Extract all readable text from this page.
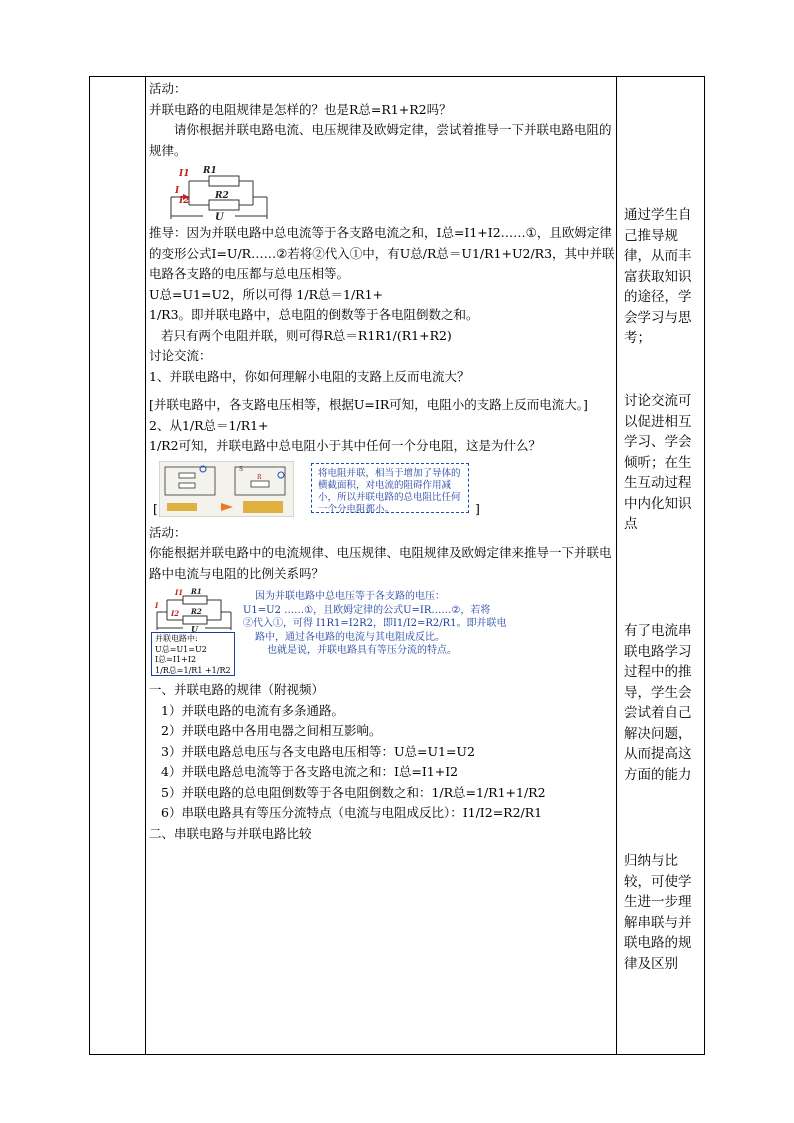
活动：

并联电路的电阻规律是怎样的？也是R总=R1+R2吗？

请你根据并联电路电流、电压规律及欧姆定律，尝试着推导一下并联电路电阻的规律。

R1
I1
I
I2	R2
U

推导：因为并联电路中总电流等于各支路电流之和，I总=I1+I2……①，且欧姆定律的变形公式I=U/R……②若将②代入①中，有U总/R总＝U1/R1+U2/R3，其中并联电路各支路的电压都与总电压相等。

U总=U1=U2，所以可得 1/R总＝1/R1+

1/R3。即并联电路中，总电阻的倒数等于各电阻倒数之和。

若只有两个电阻并联，则可得R总＝R1R1/(R1+R2)

讨论交流：

1、并联电路中，你如何理解小电阻的支路上反而电流大？

[并联电路中，各支路电压相等，根据U=IR可知，电阻小的支路上反而电流大。]

2、从1/R总＝1/R1+

1/R2可知，并联电路中总电阻小于其中任何一个分电阻，这是为什么？

S
R
[
将电阻并联，相当于增加了导体的横截面积，对电流的阻碍作用减小，所以并联电路的总电阻比任何一个分电阻都小。	]

活动：

你能根据并联电路中的电流规律、电压规律、电阻规律及欧姆定律来推导一下并联电路中电流与电阻的比例关系吗？

I1 R1
I
I2 R2
U
并联电路中:
U总=U1=U2
I总=I1+I2
1/R总=1/R1 +1/R2
因为并联电路中总电压等于各支路的电压：
U1=U2 ……①，且欧姆定律的公式U=IR……②，若将
②代入①，可得 I1R1=I2R2，即I1/I2=R2/R1。即并联电
路中，通过各电路的电流与其电阻成反比。
也就是说，并联电路具有等压分流的特点。

一、并联电路的规律（附视频）

1）并联电路的电流有多条通路。

2）并联电路中各用电器之间相互影响。

3）并联电路总电压与各支电路电压相等：U总=U1=U2

4）并联电路总电流等于各支路电流之和：I总=I1+I2

5）并联电路的总电阻倒数等于各电阻倒数之和：1/R总=1/R1+1/R2

6）串联电路具有等压分流特点（电流与电阻成反比）：I1/I2=R2/R1

二、串联电路与并联电路比较

通过学生自己推导规律，从而丰富获取知识的途径，学会学习与思考；

讨论交流可以促进相互学习、学会倾听；在生生互动过程中内化知识点

有了电流串联电路学习过程中的推导，学生会尝试着自己解决问题，从而提高这方面的能力

归纳与比较，可使学生进一步理解串联与并联电路的规律及区别
